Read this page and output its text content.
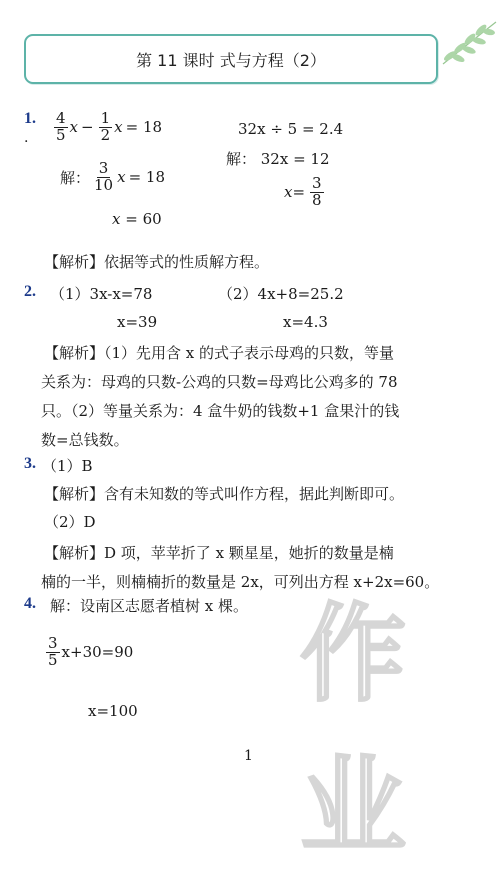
第 11 课时 式与方程（2）
作业
1.
. $\frac{4}{5}$ $x - \frac{1}{2}$ x = 18
解： $\frac{3}{10}$ x = 18
x = 60
32x ÷ 5 = 2.4
解： 32x = 12
$x = \frac{3}{8}$
【解析】依据等式的性质解方程。
2. （1）3x-x=78	（2）4x+8=25.2
x=39	x=4.3
【解析】（1）先用含 x 的式子表示母鸡的只数，等量
关系为：母鸡的只数-公鸡的只数=母鸡比公鸡多的 78
只。（2）等量关系为：4 盒牛奶的钱数+1 盒果汁的钱
数=总钱数。
3. （1）B
【解析】含有未知数的等式叫作方程，据此判断即可。
（2）D
【解析】D 项，苹苹折了 x 颗星星，她折的数量是楠
楠的一半，则楠楠折的数量是 2x，可列出方程 x+2x=60。
4. 解：设南区志愿者植树 x 棵。
$\frac{3}{5} x+30=90$
x=100
1
